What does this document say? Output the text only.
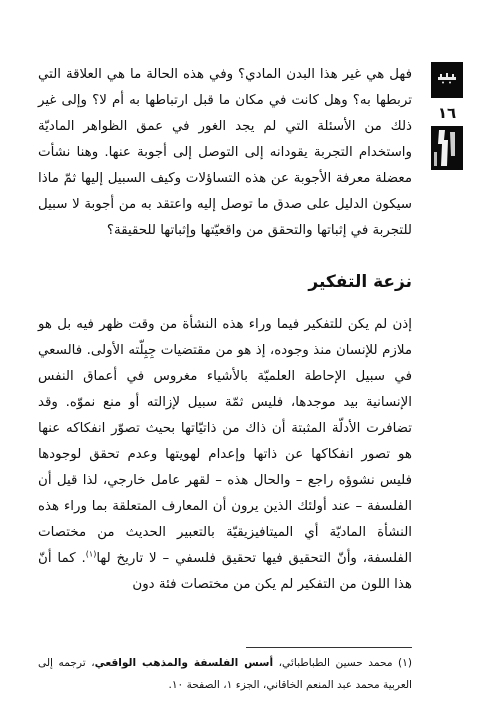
١٦

فهل هي غير هذا البدن المادي؟ وفي هذه الحالة ما هي العلاقة التي تربطها به؟ وهل كانت في مكان ما قبل ارتباطها به أم لا؟ وإلى غير ذلك من الأسئلة التي لم يجد الغور في عمق الظواهر الماديّة واستخدام التجربة يقودانه إلى التوصل إلى أجوبة عنها. وهنا نشأت معضلة معرفة الأجوبة عن هذه التساؤلات وكيف السبيل إليها ثمّ ماذا سيكون الدليل على صدق ما توصل إليه واعتقد به من أجوبة لا سبيل للتجربة في إثباتها والتحقق من واقعيّتها وإثباتها للحقيقة؟

نزعة التفكير

إذن لم يكن للتفكير فيما وراء هذه النشأة من وقت ظهر فيه بل هو ملازم للإنسان منذ وجوده، إذ هو من مقتضيات جِبِلّته الأولى. فالسعي في سبيل الإحاطة العلميّة بالأشياء مغروس في أعماق النفس الإنسانية بيد موجدها، فليس ثمّة سبيل لإزالته أو منع نموّه. وقد تضافرت الأدلّة المثبتة أن ذاك من ذاتيّاتها بحيث تصوّر انفكاكه عنها هو تصور انفكاكها عن ذاتها وإعدام لهويتها وعدم تحقق لوجودها فليس نشوؤه راجع – والحال هذه – لقهر عامل خارجي، لذا قيل أن الفلسفة – عند أولئك الذين يرون أن المعارف المتعلقة بما وراء هذه النشأة الماديّة أي الميتافيزيقيّة بالتعبير الحديث من مختصات الفلسفة، وأنّ التحقيق فيها تحقيق فلسفي – لا تاريخ لها$^{(١)}$. كما أنّ هذا اللون من التفكير لم يكن من مختصات فئة دون

(١) محمد حسين الطباطبائي، أسس الفلسفة والمذهب الواقعي، ترجمه إلى العربية محمد عبد المنعم الخاقاني، الجزء ١، الصفحة ١٠.
